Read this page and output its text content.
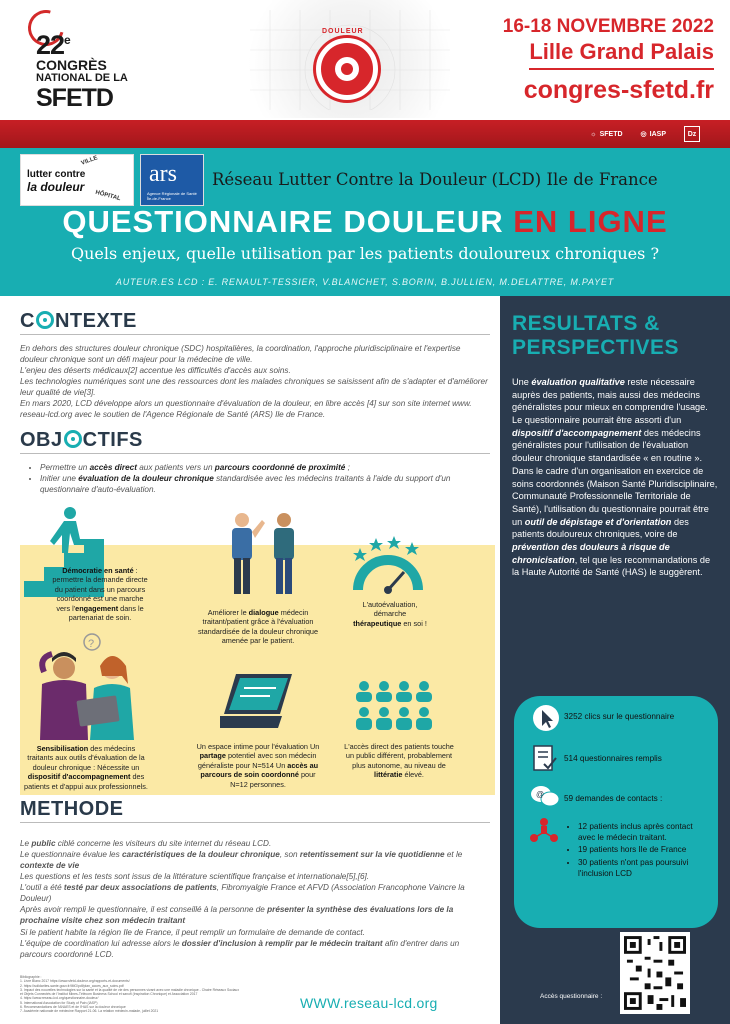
22e
CONGRÈS
NATIONAL DE LA
SFETD
DOULEUR	16-18 NOVEMBRE 2022
Lille Grand Palais
congres-sfetd.fr
☼ SFETD	◎ IASP	Dz
VILLE
lutter contre
la douleur
HÔPITAL
ars
Agence Régionale de Santé Île-de-France
Réseau Lutter Contre la Douleur (LCD) Ile de France
QUESTIONNAIRE DOULEUR EN LIGNE
Quels enjeux, quelle utilisation par les patients douloureux chroniques ?
AUTEUR.ES LCD : E. RENAULT-TESSIER, V.BLANCHET, S.BORIN, B.JULLIEN, M.DELATTRE, M.PAYET
C NTEXTE

En dehors des structures douleur chronique (SDC) hospitalières, la coordination, l'approche pluridisciplinaire et l'expertise douleur chronique sont un défi majeur pour la médecine de ville.

L'enjeu des déserts médicaux[2] accentue les difficultés d'accès aux soins.

Les technologies numériques sont une des ressources dont les malades chroniques se saisissent afin de s'adapter et d'améliorer leur qualité de vie[3].

En mars 2020, LCD développe alors un questionnaire d'évaluation de la douleur, en libre accès [4] sur son site internet www. reseau-lcd.org avec le soutien de l'Agence Régionale de Santé (ARS) Ile de France.

OBJ CTIFS
• Permettre un accès direct aux patients vers un parcours coordonné de proximité ;
• Initier une évaluation de la douleur chronique standardisée avec les médecins traitants à l'aide du support d'un questionnaire d'auto-évaluation.
Démocratie en santé : permettre la demande directe du patient dans un parcours coordonné est une marche vers l'engagement dans le partenariat de soin.
Améliorer le dialogue médecin traitant/patient grâce à l'évaluation standardisée de la douleur chronique amenée par le patient.
L'autoévaluation, démarche thérapeutique en soi !
?
Sensibilisation des médecins traitants aux outils d'évaluation de la douleur chronique : Nécessite un dispositif d'accompagnement des patients et d'appui aux professionnels.
Un espace intime pour l'évaluation Un partage potentiel avec son médecin généraliste pour N=514 Un accès au parcours de soin coordonné pour N=12 personnes.
L'accès direct des patients touche un public différent, probablement plus autonome, au niveau de littératie élevé.
METHODE

Le public ciblé concerne les visiteurs du site internet du réseau LCD.

Le questionnaire évalue les caractéristiques de la douleur chronique, son retentissement sur la vie quotidienne et le contexte de vie

Les questions et les tests sont issus de la littérature scientifique française et internationale[5],[6].

L'outil a été testé par deux associations de patients, Fibromyalgie France et AFVD (Association Francophone Vaincre la Douleur)

Après avoir rempli le questionnaire, il est conseillé à la personne de présenter la synthèse des évaluations lors de la prochaine visite chez son médecin traitant

Si le patient habite la région Ile de France, il peut remplir un formulaire de demande de contact.

L'équipe de coordination lui adresse alors le dossier d'inclusion à remplir par le médecin traitant afin d'entrer dans un parcours coordonné LCD.

Bibliographie :
1. Livre Blanc 2017 https://www.sfetd-douleur.org/rapports-et-documents/
2. https://solidarites-sante.gouv.fr/IMG/pdf/plan_acces_aux_soins.pdf
3. Impact des nouvelles technologies sur la santé et la qualité de vie des personnes vivant avec une maladie chronique - Chaire Réseaux Sociaux et Objets Connectés de l'Institut Mines-Télécom Business School et sanofi (Inspiration Chronique) et Association 2017
4. https://www.reseau-lcd.org/questionnaire-douleur/
5. International Association for Study of Pain (IASP)
6. Recommandations de l'ANAES et de l'HAS sur la douleur chronique
7. Académie nationale de médecine Rapport 21-06. La relation médecin-malade, juillet 2021	WWW.reseau-lcd.org
RESULTATS &
PERSPECTIVES
Une évaluation qualitative reste nécessaire auprès des patients, mais aussi des médecins généralistes pour mieux en comprendre l'usage.
Le questionnaire pourrait être assorti d'un dispositif d'accompagnement des médecins généralistes pour l'utilisation de l'évaluation douleur chronique standardisée « en routine ».
Dans le cadre d'un organisation en exercice de soins coordonnés (Maison Santé Pluridisciplinaire, Communauté Professionnelle Territoriale de Santé), l'utilisation du questionnaire pourrait être un outil de dépistage et d'orientation des patients douloureux chroniques, voire de prévention des douleurs à risque de chronicisation, tel que les recommandations de la Haute Autorité de Santé (HAS) le suggèrent.
3252 clics sur le questionnaire
514 questionnaires remplis
@ 59 demandes de contacts :
• 12 patients inclus après contact avec le médecin traitant.
• 19 patients hors Ile de France
• 30 patients n'ont pas poursuivi l'inclusion LCD
Accès questionnaire :
